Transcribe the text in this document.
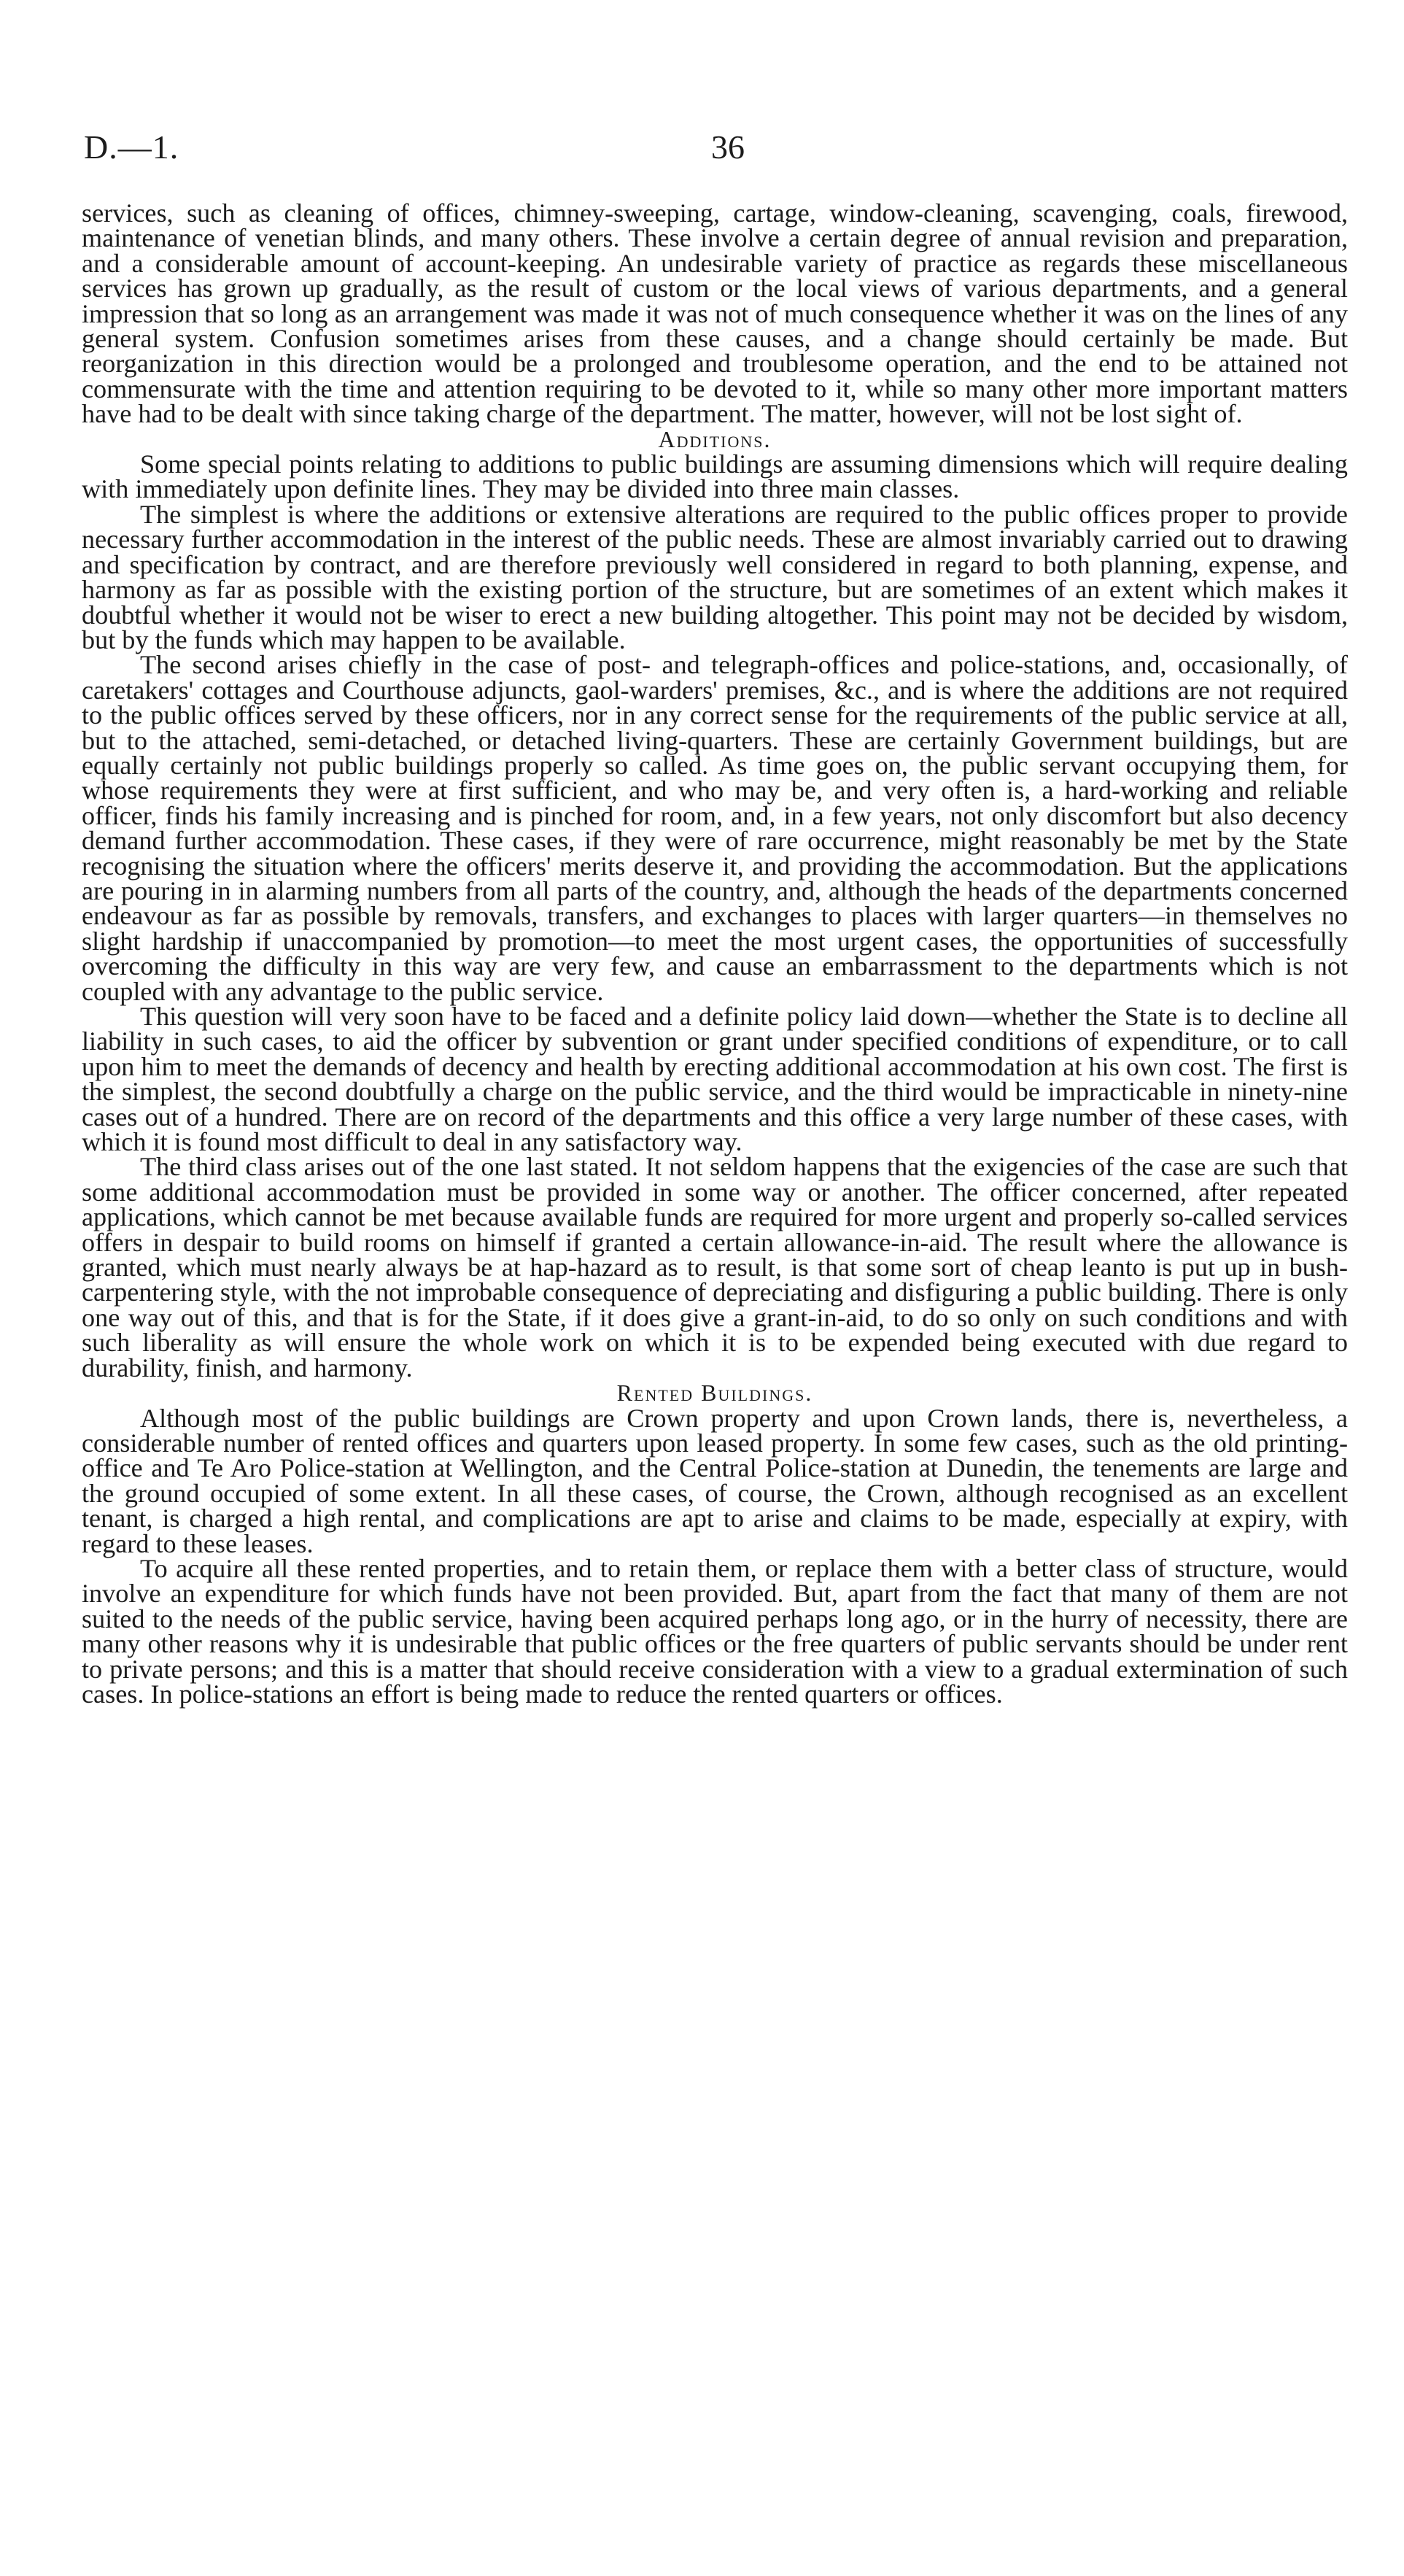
D.—1.	36

services, such as cleaning of offices, chimney-sweeping, cartage, window-cleaning, scavenging, coals, firewood, maintenance of venetian blinds, and many others. These involve a certain degree of annual revision and preparation, and a considerable amount of account-keeping. An undesirable variety of practice as regards these miscellaneous services has grown up gradually, as the result of custom or the local views of various departments, and a general impression that so long as an arrangement was made it was not of much consequence whether it was on the lines of any general system. Confusion sometimes arises from these causes, and a change should certainly be made. But reorganization in this direction would be a prolonged and troublesome operation, and the end to be attained not commensurate with the time and attention requiring to be devoted to it, while so many other more important matters have had to be dealt with since taking charge of the department. The matter, however, will not be lost sight of.

Additions.

Some special points relating to additions to public buildings are assuming dimensions which will require dealing with immediately upon definite lines. They may be divided into three main classes.

The simplest is where the additions or extensive alterations are required to the public offices proper to provide necessary further accommodation in the interest of the public needs. These are almost invariably carried out to drawing and specification by contract, and are therefore previously well considered in regard to both planning, expense, and harmony as far as possible with the existing portion of the structure, but are sometimes of an extent which makes it doubtful whether it would not be wiser to erect a new building altogether. This point may not be decided by wisdom, but by the funds which may happen to be available.

The second arises chiefly in the case of post- and telegraph-offices and police-stations, and, occasionally, of caretakers' cottages and Courthouse adjuncts, gaol-warders' premises, &c., and is where the additions are not required to the public offices served by these officers, nor in any correct sense for the requirements of the public service at all, but to the attached, semi-detached, or detached living-quarters. These are certainly Government buildings, but are equally certainly not public buildings properly so called. As time goes on, the public servant occupying them, for whose requirements they were at first sufficient, and who may be, and very often is, a hard-working and reliable officer, finds his family increasing and is pinched for room, and, in a few years, not only discomfort but also decency demand further accommodation. These cases, if they were of rare occurrence, might reasonably be met by the State recognising the situation where the officers' merits deserve it, and providing the accommodation. But the applications are pouring in in alarming numbers from all parts of the country, and, although the heads of the departments concerned endeavour as far as possible by removals, transfers, and exchanges to places with larger quarters—in themselves no slight hardship if unaccompanied by promotion—to meet the most urgent cases, the opportunities of successfully overcoming the difficulty in this way are very few, and cause an embarrassment to the departments which is not coupled with any advantage to the public service.

This question will very soon have to be faced and a definite policy laid down—whether the State is to decline all liability in such cases, to aid the officer by subvention or grant under specified conditions of expenditure, or to call upon him to meet the demands of decency and health by erecting additional accommodation at his own cost. The first is the simplest, the second doubtfully a charge on the public service, and the third would be impracticable in ninety-nine cases out of a hundred. There are on record of the departments and this office a very large number of these cases, with which it is found most difficult to deal in any satisfactory way.

The third class arises out of the one last stated. It not seldom happens that the exigencies of the case are such that some additional accommodation must be provided in some way or another. The officer concerned, after repeated applications, which cannot be met because available funds are required for more urgent and properly so-called services offers in despair to build rooms on himself if granted a certain allowance-in-aid. The result where the allowance is granted, which must nearly always be at hap-hazard as to result, is that some sort of cheap leanto is put up in bush-carpentering style, with the not improbable consequence of depreciating and disfiguring a public building. There is only one way out of this, and that is for the State, if it does give a grant-in-aid, to do so only on such conditions and with such liberality as will ensure the whole work on which it is to be expended being executed with due regard to durability, finish, and harmony.

Rented Buildings.

Although most of the public buildings are Crown property and upon Crown lands, there is, nevertheless, a considerable number of rented offices and quarters upon leased property. In some few cases, such as the old printing-office and Te Aro Police-station at Wellington, and the Central Police-station at Dunedin, the tenements are large and the ground occupied of some extent. In all these cases, of course, the Crown, although recognised as an excellent tenant, is charged a high rental, and complications are apt to arise and claims to be made, especially at expiry, with regard to these leases.

To acquire all these rented properties, and to retain them, or replace them with a better class of structure, would involve an expenditure for which funds have not been provided. But, apart from the fact that many of them are not suited to the needs of the public service, having been acquired perhaps long ago, or in the hurry of necessity, there are many other reasons why it is undesirable that public offices or the free quarters of public servants should be under rent to private persons; and this is a matter that should receive consideration with a view to a gradual extermination of such cases. In police-stations an effort is being made to reduce the rented quarters or offices.
